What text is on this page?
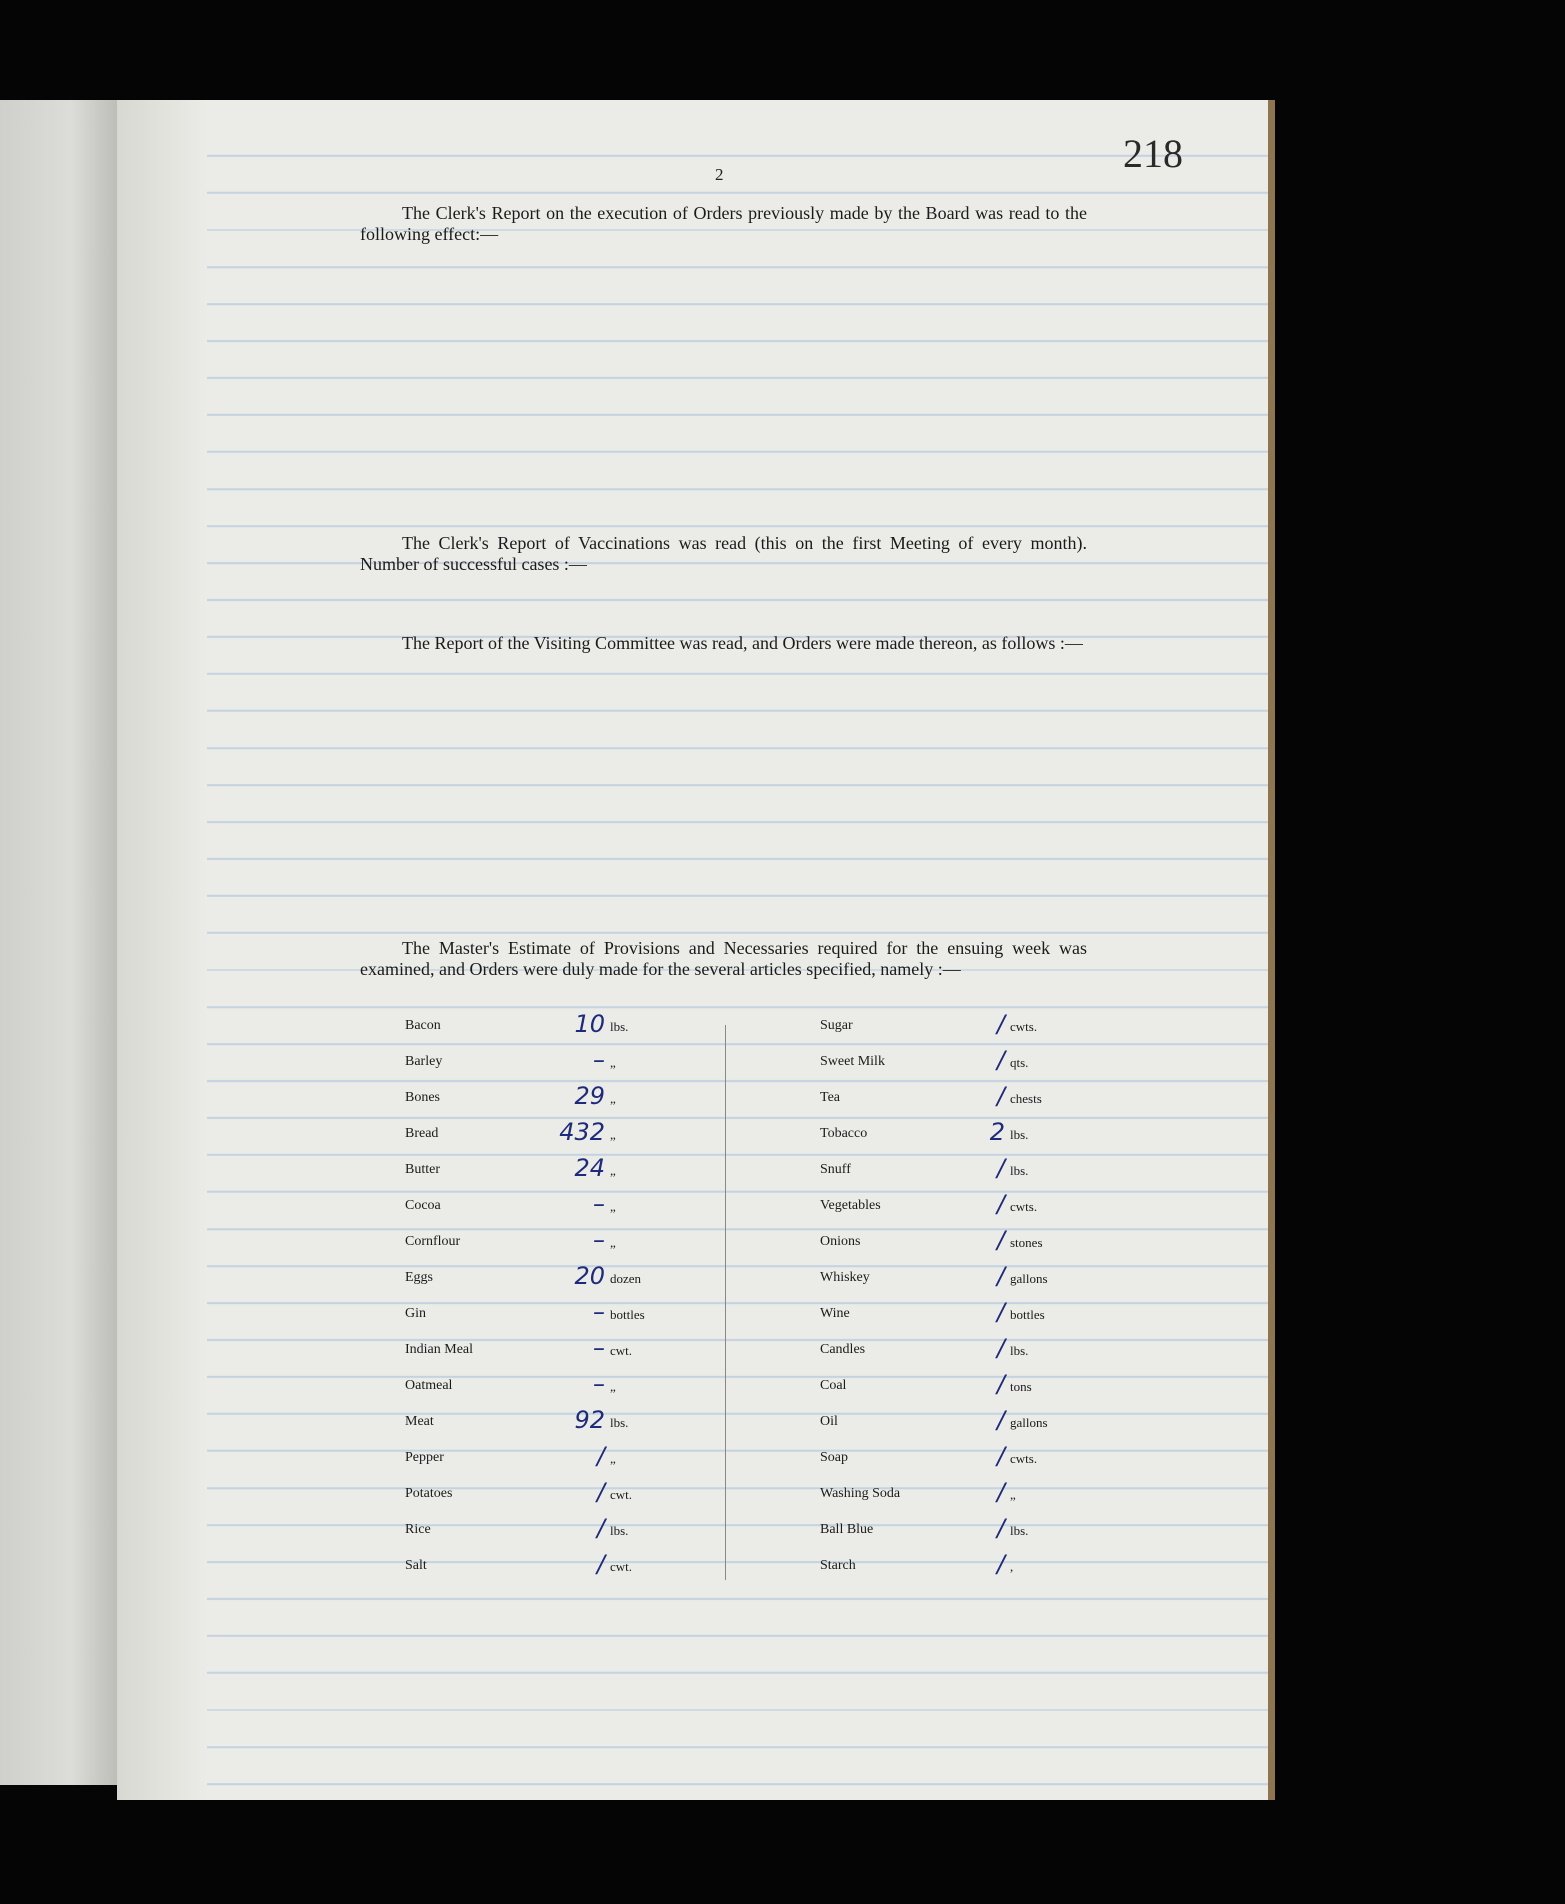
218
2
The Clerk's Report on the execution of Orders previously made by the Board was read to the following effect:—
The Clerk's Report of Vaccinations was read (this on the first Meeting of every month). Number of successful cases :—
The Report of the Visiting Committee was read, and Orders were made thereon, as follows :—
The Master's Estimate of Provisions and Necessaries required for the ensuing week was examined, and Orders were duly made for the several articles specified, namely :—
Bacon	10 lbs.
Barley	– „
Bones	29 „
Bread	432 „
Butter	24 „
Cocoa	– „
Cornflour	– „
Eggs	20 dozen
Gin	– bottles
Indian Meal	– cwt.
Oatmeal	– „
Meat	92 lbs.
Pepper	/ „
Potatoes	/ cwt.
Rice	/ lbs.
Salt	/ cwt.
Sugar	/ cwts.
Sweet Milk	/ qts.
Tea	/ chests
Tobacco	2 lbs.
Snuff	/ lbs.
Vegetables	/ cwts.
Onions	/ stones
Whiskey	/ gallons
Wine	/ bottles
Candles	/ lbs.
Coal	/ tons
Oil	/ gallons
Soap	/ cwts.
Washing Soda	/ „
Ball Blue	/ lbs.
Starch	/ ,
